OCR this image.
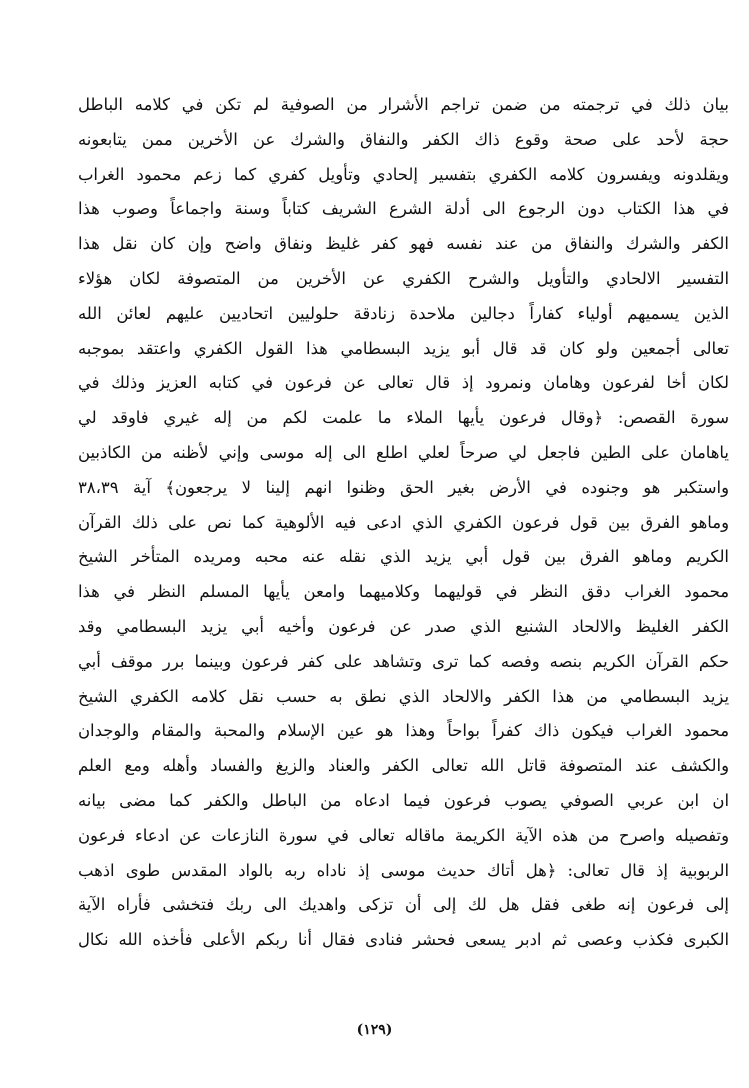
بيان ذلك في ترجمته من ضمن تراجم الأشرار من الصوفية لم تكن في كلامه الباطل
حجة لأحد على صحة وقوع ذاك الكفر والنفاق والشرك عن الأخرين ممن يتابعونه
ويقلدونه ويفسرون كلامه الكفري بتفسير إلحادي وتأويل كفري كما زعم محمود الغراب
في هذا الكتاب دون الرجوع الى أدلة الشرع الشريف كتاباً وسنة واجماعاً وصوب هذا
الكفر والشرك والنفاق من عند نفسه فهو كفر غليظ ونفاق واضح وإن كان نقل هذا
التفسير الالحادي والتأويل والشرح الكفري عن الأخرين من المتصوفة لكان هؤلاء
الذين يسميهم أولياء كفاراً دجالين ملاحدة زنادقة حلوليين اتحاديين عليهم لعائن الله
تعالى أجمعين ولو كان قد قال أبو يزيد البسطامي هذا القول الكفري واعتقد بموجبه
لكان أخا لفرعون وهامان ونمرود إذ قال تعالى عن فرعون في كتابه العزيز وذلك في
سورة القصص: ﴿وقال فرعون يأيها الملاء ما علمت لكم من إله غيري فاوقد لي
ياهامان على الطين فاجعل لي صرحاً لعلي اطلع الى إله موسى وإني لأظنه من الكاذبين
واستكبر هو وجنوده في الأرض بغير الحق وظنوا انهم إلينا لا يرجعون﴾ آية ٣٨،٣٩
وماهو الفرق بين قول فرعون الكفري الذي ادعى فيه الألوهية كما نص على ذلك القرآن
الكريم وماهو الفرق بين قول أبي يزيد الذي نقله عنه محبه ومريده المتأخر الشيخ
محمود الغراب دقق النظر في قوليهما وكلاميهما وامعن يأيها المسلم النظر في هذا
الكفر الغليظ والالحاد الشنيع الذي صدر عن فرعون وأخيه أبي يزيد البسطامي وقد
حكم القرآن الكريم بنصه وفصه كما ترى وتشاهد على كفر فرعون وبينما برر موقف أبي
يزيد البسطامي من هذا الكفر والالحاد الذي نطق به حسب نقل كلامه الكفري الشيخ
محمود الغراب فيكون ذاك كفراً بواحاً وهذا هو عين الإسلام والمحبة والمقام والوجدان
والكشف عند المتصوفة قاتل الله تعالى الكفر والعناد والزيغ والفساد وأهله ومع العلم
ان ابن عربي الصوفي يصوب فرعون فيما ادعاه من الباطل والكفر كما مضى بيانه
وتفصيله واصرح من هذه الآية الكريمة ماقاله تعالى في سورة النازعات عن ادعاء فرعون
الربوبية إذ قال تعالى: ﴿هل أتاك حديث موسى إذ ناداه ربه بالواد المقدس طوى اذهب
إلى فرعون إنه طغى فقل هل لك إلى أن تزكى واهديك الى ربك فتخشى فأراه الآية
الكبرى فكذب وعصى ثم ادبر يسعى فحشر فنادى فقال أنا ربكم الأعلى فأخذه الله نكال
(١٢٩)
